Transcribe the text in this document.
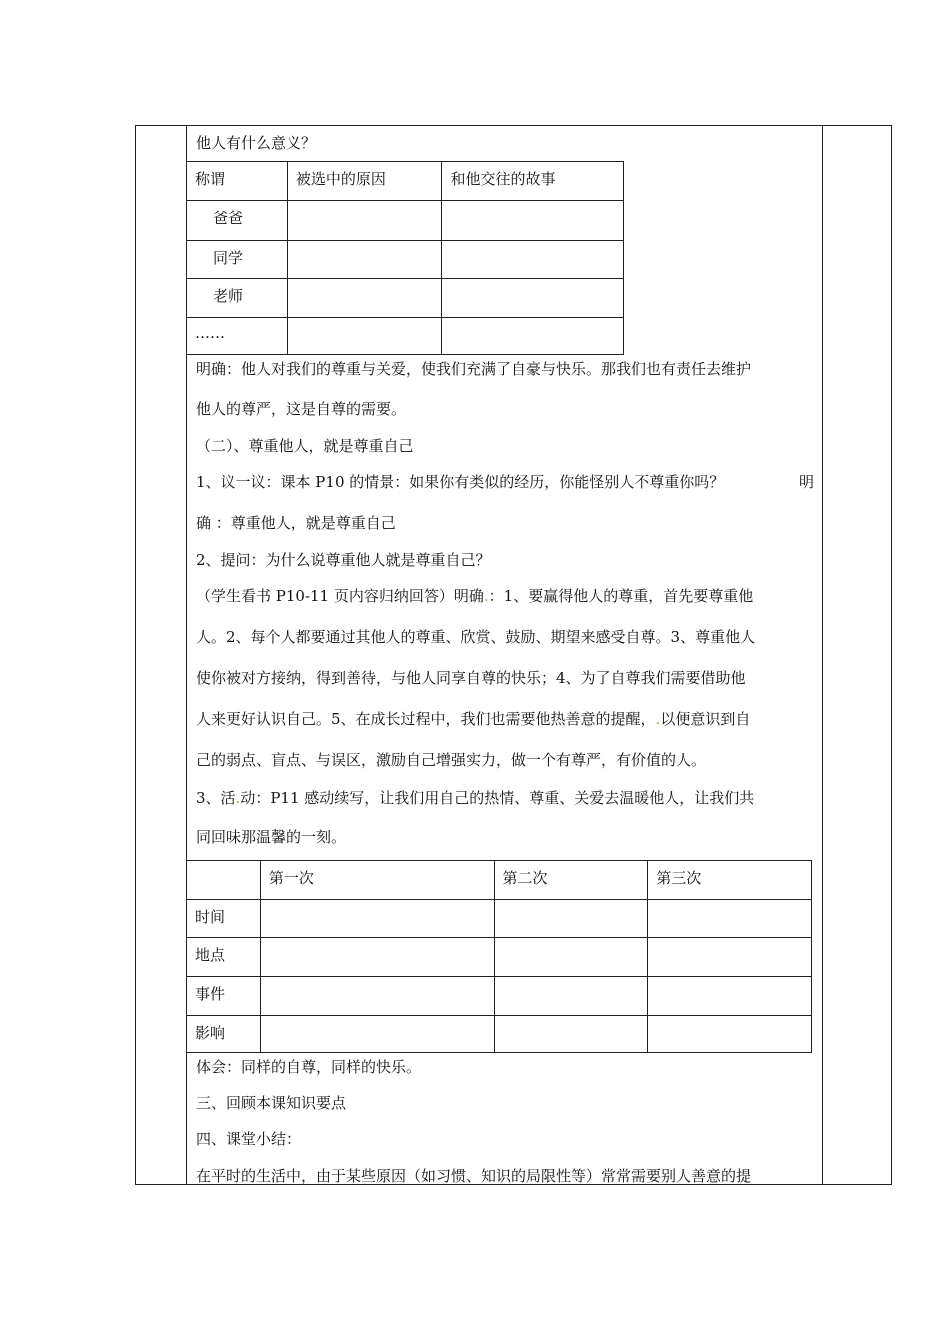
他人有什么意义？
称谓	被选中的原因	和他交往的故事
爸爸		
同学		
老师		
……		
明确：他人对我们的尊重与关爱，使我们充满了自豪与快乐。那我们也有责任去维护
他人的尊严，这是自尊的需要。
（二）、尊重他人，就是尊重自己
1、议一议：课本 P10 的情景：如果你有类似的经历，你能怪别人不尊重你吗？	明
确 ：尊重他人，就是尊重自己
2、提问：为什么说尊重他人就是尊重自己？
（学生看书 P10-11 页内容归纳回答）明确.：1、要赢得他人的尊重，首先要尊重他
人。2、每个人都要通过其他人的尊重、欣赏、鼓励、期望来感受自尊。3、尊重他人
使你被对方接纳，得到善待，与他人同享自尊的快乐；4、为了自尊我们需要借助他
人来更好认识自己。5、在成长过程中，我们也需要他热善意的提醒，.以便意识到自
己的弱点、盲点、与误区，激励自己增强实力，做一个有尊严，有价值的人。
3、活.动：P11 感动续写，让我们用自己的热情、尊重、关爱去温暖他人，让我们共
同回味那温馨的一刻。
	第一次	第二次	第三次
时间			
地点			
事件			
影响			
体会：同样的自尊，同样的快乐。
三、回顾本课知识要点
四、课堂小结：
在平时的生活中，由于某些原因（如习惯、知识的局限性等）常常需要别人善意的提
